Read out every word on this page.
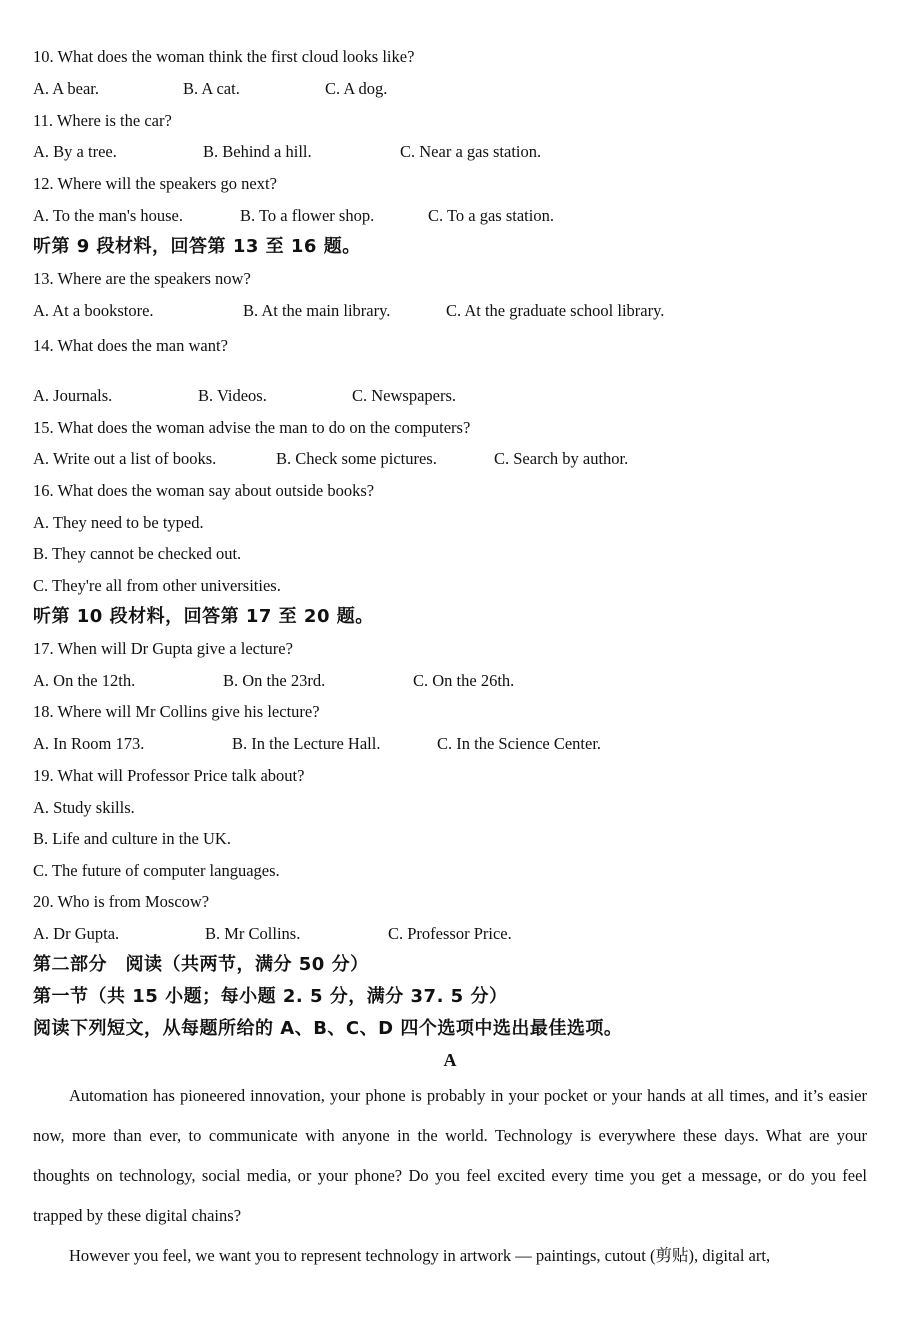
10. What does the woman think the first cloud looks like?
A. A bear.	B. A cat.	C. A dog.
11. Where is the car?
A. By a tree.	B. Behind a hill.	C. Near a gas station.
12. Where will the speakers go next?
A. To the man's house.	B. To a flower shop.	C. To a gas station.
听第 9 段材料，回答第 13 至 16 题。
13. Where are the speakers now?
A. At a bookstore.	B. At the main library.	C. At the graduate school library.
14. What does the man want?
A. Journals.	B. Videos.	C. Newspapers.
15. What does the woman advise the man to do on the computers?
A. Write out a list of books.	B. Check some pictures.	C. Search by author.
16. What does the woman say about outside books?
A. They need to be typed.
B. They cannot be checked out.
C. They're all from other universities.
听第 10 段材料，回答第 17 至 20 题。
17. When will Dr Gupta give a lecture?
A. On the 12th.	B. On the 23rd.	C. On the 26th.
18. Where will Mr Collins give his lecture?
A. In Room 173.	B. In the Lecture Hall.	C. In the Science Center.
19. What will Professor Price talk about?
A. Study skills.
B. Life and culture in the UK.
C. The future of computer languages.
20. Who is from Moscow?
A. Dr Gupta.	B. Mr Collins.	C. Professor Price.
第二部分　阅读（共两节，满分 50 分）
第一节（共 15 小题；每小题 2. 5 分，满分 37. 5 分）
阅读下列短文，从每题所给的 A、B、C、D 四个选项中选出最佳选项。
A

Automation has pioneered innovation, your phone is probably in your pocket or your hands at all times, and it’s easier now, more than ever, to communicate with anyone in the world. Technology is everywhere these days. What are your thoughts on technology, social media, or your phone? Do you feel excited every time you get a message, or do you feel trapped by these digital chains?

However you feel, we want you to represent technology in artwork — paintings, cutout (剪贴), digital art,
